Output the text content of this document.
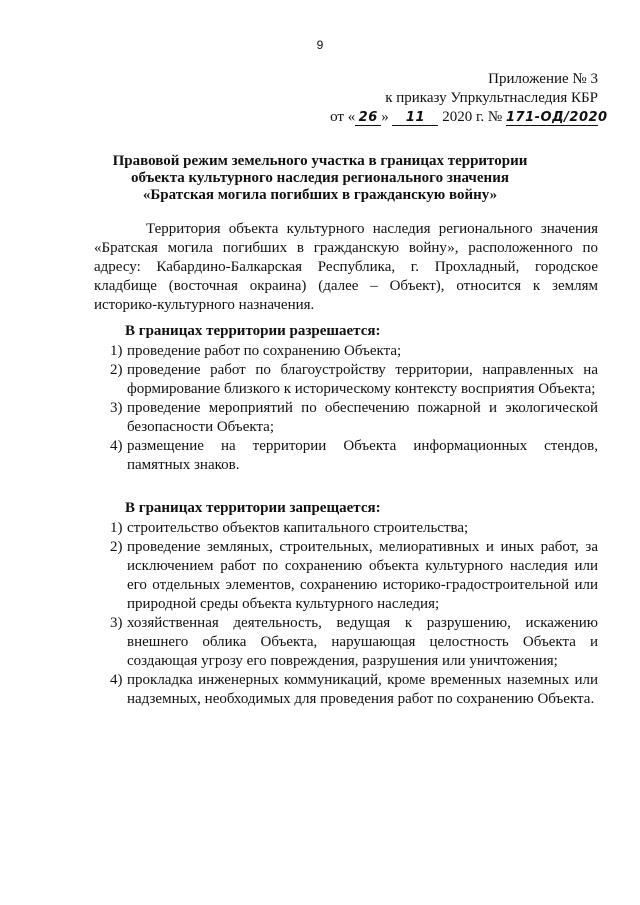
9
Приложение № 3
к приказу Упркультнаследия КБР
от « 26 » 11 2020 г. № 171-ОД/2020
Правовой режим земельного участка в границах территории
объекта культурного наследия регионального значения
«Братская могила погибших в гражданскую войну»

Территория объекта культурного наследия регионального значения «Братская могила погибших в гражданскую войну», расположенного по адресу: Кабардино-Балкарская Республика, г. Прохладный, городское кладбище (восточная окраина) (далее – Объект), относится к землям историко-культурного назначения.

В границах территории разрешается:
1) проведение работ по сохранению Объекта;
2) проведение работ по благоустройству территории, направленных на формирование близкого к историческому контексту восприятия Объекта;
3) проведение мероприятий по обеспечению пожарной и экологической безопасности Объекта;
4) размещение на территории Объекта информационных стендов, памятных знаков.
В границах территории запрещается:
1) строительство объектов капитального строительства;
2) проведение земляных, строительных, мелиоративных и иных работ, за исключением работ по сохранению объекта культурного наследия или его отдельных элементов, сохранению историко-градостроительной или природной среды объекта культурного наследия;
3) хозяйственная деятельность, ведущая к разрушению, искажению внешнего облика Объекта, нарушающая целостность Объекта и создающая угрозу его повреждения, разрушения или уничтожения;
4) прокладка инженерных коммуникаций, кроме временных наземных или надземных, необходимых для проведения работ по сохранению Объекта.
